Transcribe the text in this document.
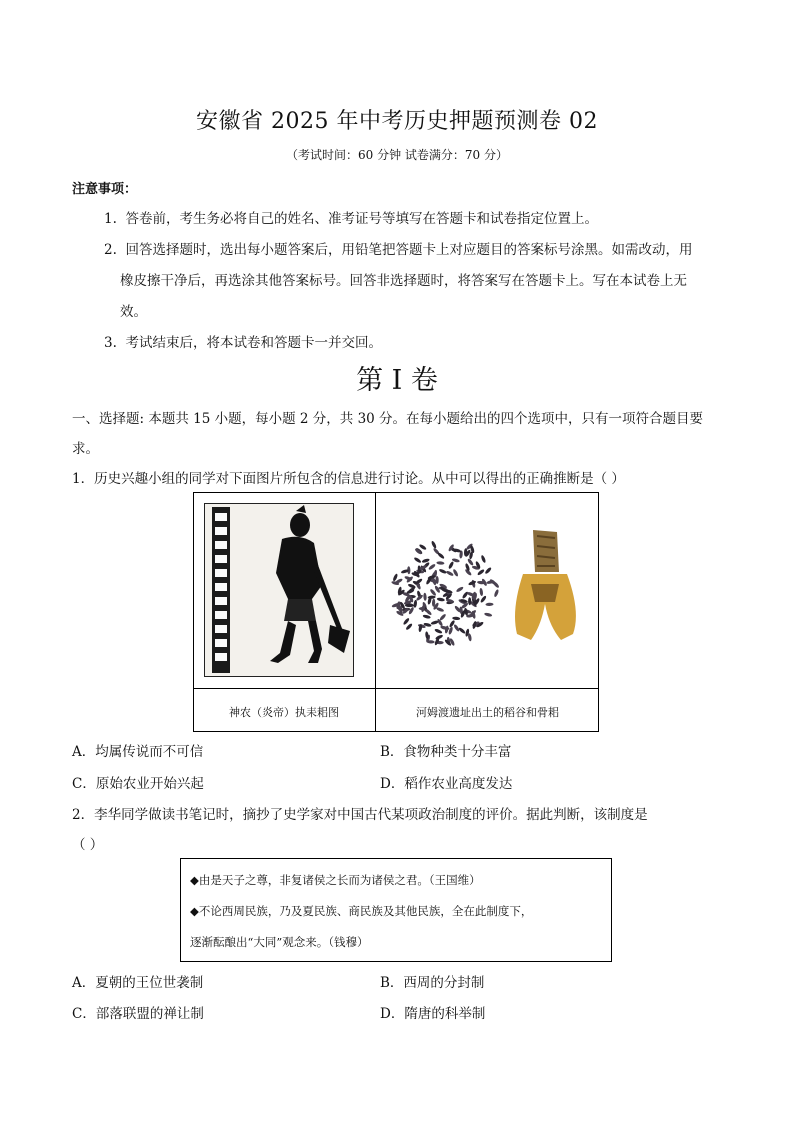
安徽省 2025 年中考历史押题预测卷 02
（考试时间：60 分钟 试卷满分：70 分）
注意事项：
1. 答卷前，考生务必将自己的姓名、准考证号等填写在答题卡和试卷指定位置上。
2. 回答选择题时，选出每小题答案后，用铅笔把答题卡上对应题目的答案标号涂黑。如需改动，用
橡皮擦干净后，再选涂其他答案标号。回答非选择题时，将答案写在答题卡上。写在本试卷上无
效。
3. 考试结束后，将本试卷和答题卡一并交回。
第 I 卷
一、选择题: 本题共 15 小题，每小题 2 分，共 30 分。在每小题给出的四个选项中，只有一项符合题目要
求。
1．历史兴趣小组的同学对下面图片所包含的信息进行讨论。从中可以得出的正确推断是（ ）
神农（炎帝）执耒耜图	河姆渡遗址出土的稻谷和骨耜
A．均属传说而不可信	B．食物种类十分丰富
C．原始农业开始兴起	D．稻作农业高度发达
2．李华同学做读书笔记时，摘抄了史学家对中国古代某项政治制度的评价。据此判断，该制度是
（ ）
◆由是天子之尊，非复诸侯之长而为诸侯之君。（王国维）
◆不论西周民族，乃及夏民族、商民族及其他民族，全在此制度下，
逐渐酝酿出“大同”观念来。（钱穆）
A．夏朝的王位世袭制	B．西周的分封制
C．部落联盟的禅让制	D．隋唐的科举制
